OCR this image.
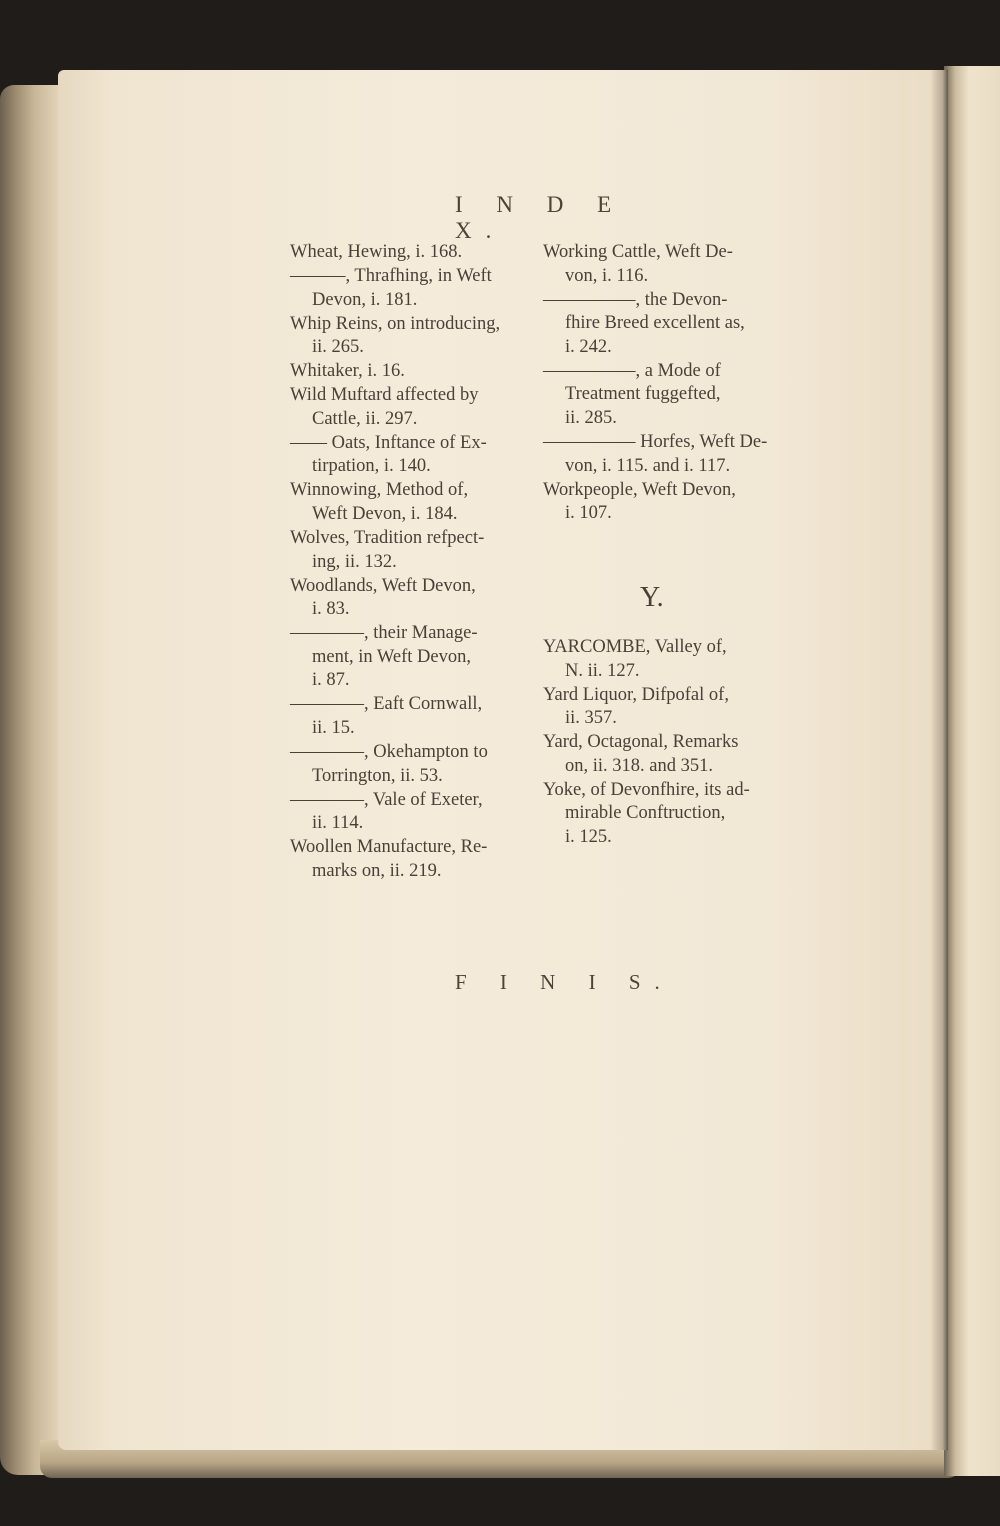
I N D E X.
Wheat, Hewing, i. 168.
———, Thrafhing, in Weft
Devon, i. 181.
Whip Reins, on introducing,
ii. 265.
Whitaker, i. 16.
Wild Muftard affected by
Cattle, ii. 297.
—— Oats, Inftance of Ex-
tirpation, i. 140.
Winnowing, Method of,
Weft Devon, i. 184.
Wolves, Tradition refpect-
ing, ii. 132.
Woodlands, Weft Devon,
i. 83.
————, their Manage-
ment, in Weft Devon,
i. 87.
————, Eaft Cornwall,
ii. 15.
————, Okehampton to
Torrington, ii. 53.
————, Vale of Exeter,
ii. 114.
Woollen Manufacture, Re-
marks on, ii. 219.
Working Cattle, Weft De-
von, i. 116.
—————, the Devon-
fhire Breed excellent as,
i. 242.
—————, a Mode of
Treatment fuggefted,
ii. 285.
————— Horfes, Weft De-
von, i. 115. and i. 117.
Workpeople, Weft Devon,
i. 107.
Y.
YARCOMBE, Valley of,
N. ii. 127.
Yard Liquor, Difpofal of,
ii. 357.
Yard, Octagonal, Remarks
on, ii. 318. and 351.
Yoke, of Devonfhire, its ad-
mirable Conftruction,
i. 125.
F I N I S.
